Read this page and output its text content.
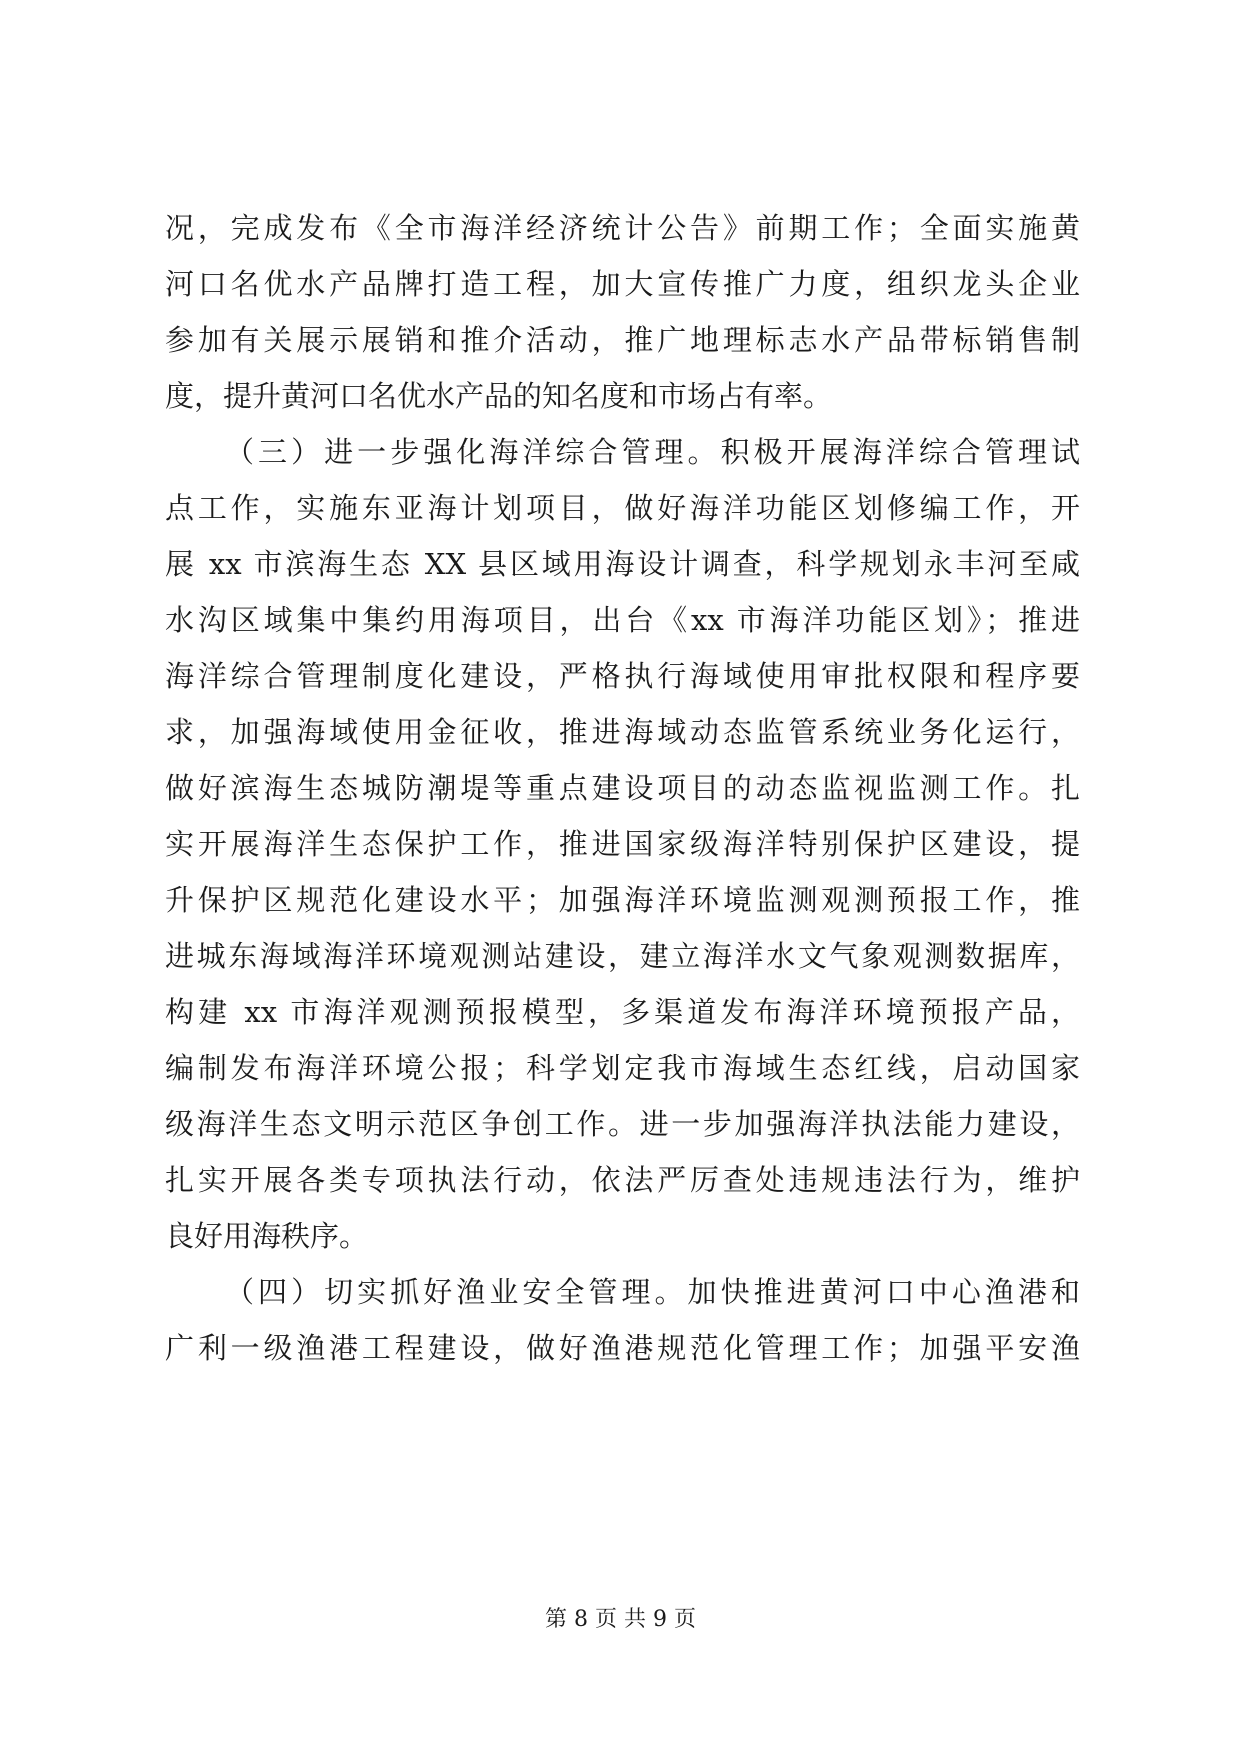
况，完成发布《全市海洋经济统计公告》前期工作；全面实施黄
河口名优水产品牌打造工程，加大宣传推广力度，组织龙头企业
参加有关展示展销和推介活动，推广地理标志水产品带标销售制
度，提升黄河口名优水产品的知名度和市场占有率。
（三）进一步强化海洋综合管理。积极开展海洋综合管理试
点工作，实施东亚海计划项目，做好海洋功能区划修编工作，开
展 xx 市滨海生态 XX 县区域用海设计调查，科学规划永丰河至咸
水沟区域集中集约用海项目，出台《xx 市海洋功能区划》；推进
海洋综合管理制度化建设，严格执行海域使用审批权限和程序要
求，加强海域使用金征收，推进海域动态监管系统业务化运行，
做好滨海生态城防潮堤等重点建设项目的动态监视监测工作。扎
实开展海洋生态保护工作，推进国家级海洋特别保护区建设，提
升保护区规范化建设水平；加强海洋环境监测观测预报工作，推
进城东海域海洋环境观测站建设，建立海洋水文气象观测数据库，
构建 xx 市海洋观测预报模型，多渠道发布海洋环境预报产品，
编制发布海洋环境公报；科学划定我市海域生态红线，启动国家
级海洋生态文明示范区争创工作。进一步加强海洋执法能力建设，
扎实开展各类专项执法行动，依法严厉查处违规违法行为，维护
良好用海秩序。
（四）切实抓好渔业安全管理。加快推进黄河口中心渔港和
广利一级渔港工程建设，做好渔港规范化管理工作；加强平安渔
第 8 页 共 9 页
